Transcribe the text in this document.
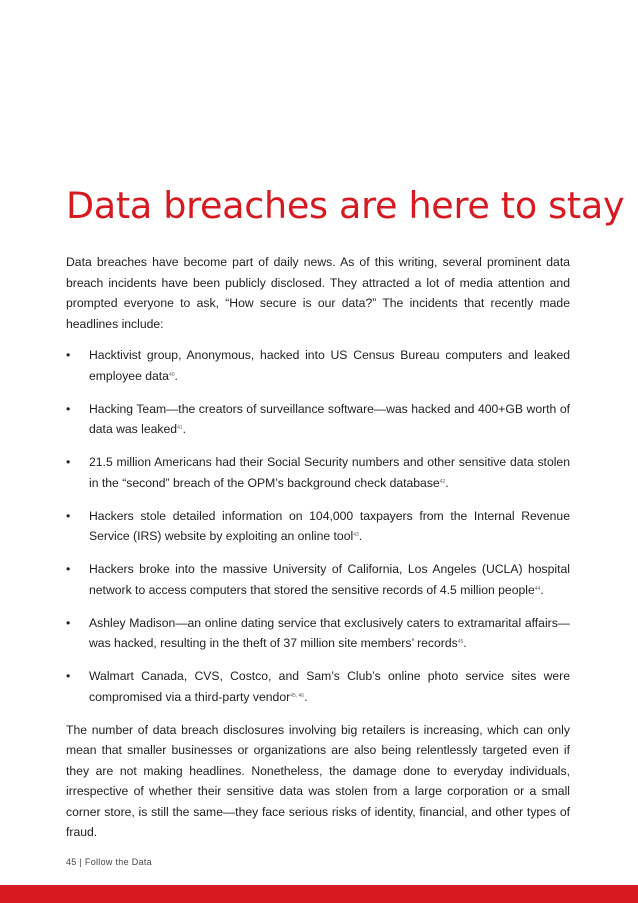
Data breaches are here to stay

Data breaches have become part of daily news. As of this writing, several prominent data breach incidents have been publicly disclosed. They attracted a lot of media attention and prompted everyone to ask, “How secure is our data?” The incidents that recently made headlines include:

• Hacktivist group, Anonymous, hacked into US Census Bureau computers and leaked employee data$^{40}$.
• Hacking Team—the creators of surveillance software—was hacked and 400+GB worth of data was leaked$^{41}$.
• 21.5 million Americans had their Social Security numbers and other sensitive data stolen in the “second” breach of the OPM’s background check database$^{42}$.
• Hackers stole detailed information on 104,000 taxpayers from the Internal Revenue Service (IRS) website by exploiting an online tool$^{43}$.
• Hackers broke into the massive University of California, Los Angeles (UCLA) hospital network to access computers that stored the sensitive records of 4.5 million people$^{44}$.
• Ashley Madison—an online dating service that exclusively caters to extramarital affairs—was hacked, resulting in the theft of 37 million site members’ records$^{45}$.
• Walmart Canada, CVS, Costco, and Sam’s Club’s online photo service sites were compromised via a third-party vendor$^{45, 46}$.

The number of data breach disclosures involving big retailers is increasing, which can only mean that smaller businesses or organizations are also being relentlessly targeted even if they are not making headlines. Nonetheless, the damage done to everyday individuals, irrespective of whether their sensitive data was stolen from a large corporation or a small corner store, is still the same—they face serious risks of identity, financial, and other types of fraud.

45 | Follow the Data
